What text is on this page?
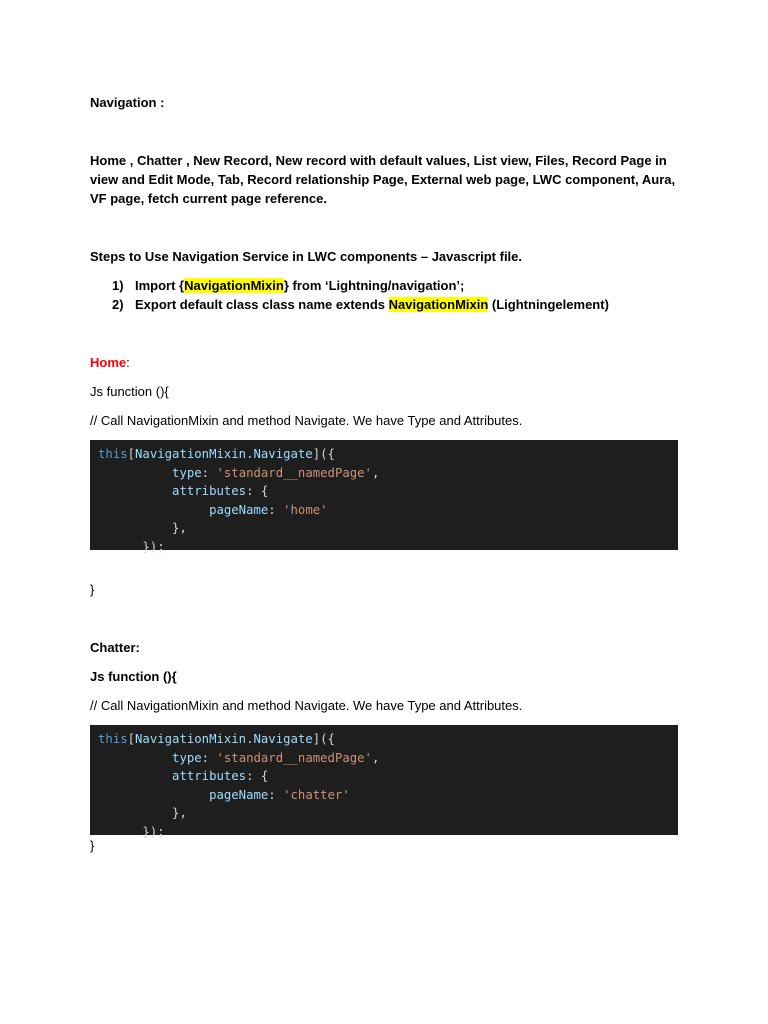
Navigation :
Home , Chatter , New Record, New record with default values, List view, Files, Record Page in view and Edit Mode, Tab, Record relationship Page, External web page, LWC component, Aura, VF page, fetch current page reference.
Steps to Use Navigation Service in LWC components – Javascript file.
1) Import {NavigationMixin} from ‘Lightning/navigation’;
2) Export default class class name extends NavigationMixin (Lightningelement)
Home:
Js function (){
// Call NavigationMixin and method Navigate. We have Type and Attributes.
this[NavigationMixin.Navigate]({
type: 'standard__namedPage',
attributes: {
pageName: 'home'
},
});
}
Chatter:
Js function (){
// Call NavigationMixin and method Navigate. We have Type and Attributes.
this[NavigationMixin.Navigate]({
type: 'standard__namedPage',
attributes: {
pageName: 'chatter'
},
});
}
